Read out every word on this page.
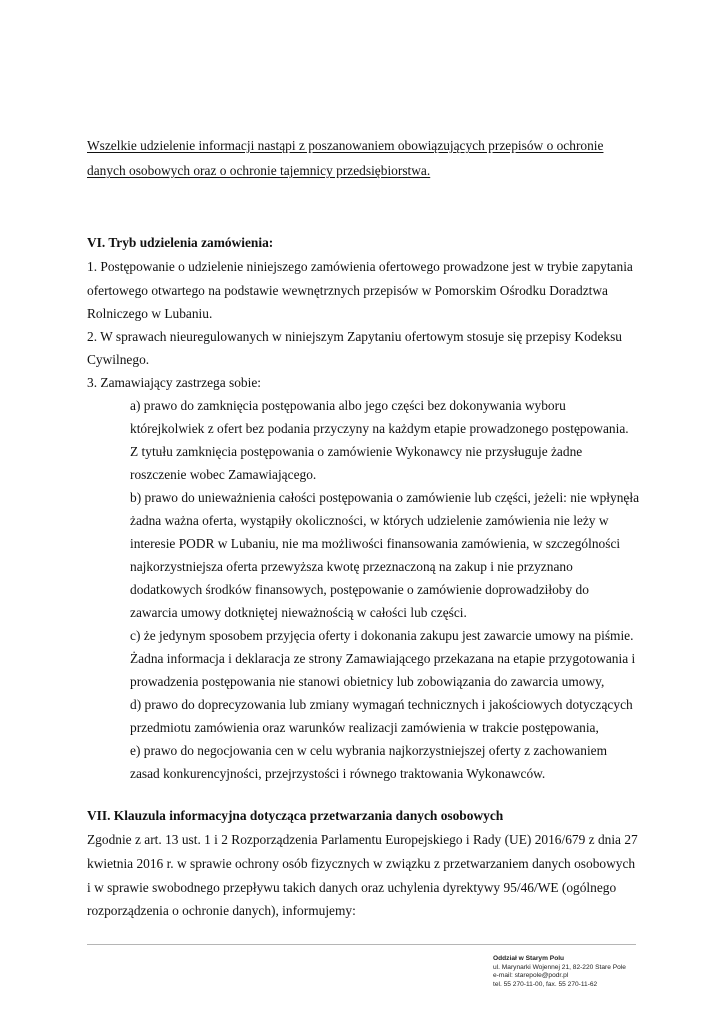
Wszelkie udzielenie informacji nastąpi z poszanowaniem obowiązujących przepisów o ochronie
danych osobowych oraz o ochronie tajemnicy przedsiębiorstwa.
VI. Tryb udzielenia zamówienia:
1. Postępowanie o udzielenie niniejszego zamówienia ofertowego prowadzone jest w trybie zapytania
ofertowego otwartego na podstawie wewnętrznych przepisów w Pomorskim Ośrodku Doradztwa
Rolniczego w Lubaniu.
2. W sprawach nieuregulowanych w niniejszym Zapytaniu ofertowym stosuje się przepisy Kodeksu
Cywilnego.
3. Zamawiający zastrzega sobie:
a) prawo do zamknięcia postępowania albo jego części bez dokonywania wyboru
którejkolwiek z ofert bez podania przyczyny na każdym etapie prowadzonego postępowania.
Z tytułu zamknięcia postępowania o zamówienie Wykonawcy nie przysługuje żadne
roszczenie wobec Zamawiającego.
b) prawo do unieważnienia całości postępowania o zamówienie lub części, jeżeli: nie wpłynęła
żadna ważna oferta, wystąpiły okoliczności, w których udzielenie zamówienia nie leży w
interesie PODR w Lubaniu, nie ma możliwości finansowania zamówienia, w szczególności
najkorzystniejsza oferta przewyższa kwotę przeznaczoną na zakup i nie przyznano
dodatkowych środków finansowych, postępowanie o zamówienie doprowadziłoby do
zawarcia umowy dotkniętej nieważnością w całości lub części.
c) że jedynym sposobem przyjęcia oferty i dokonania zakupu jest zawarcie umowy na piśmie.
Żadna informacja i deklaracja ze strony Zamawiającego przekazana na etapie przygotowania i
prowadzenia postępowania nie stanowi obietnicy lub zobowiązania do zawarcia umowy,
d) prawo do doprecyzowania lub zmiany wymagań technicznych i jakościowych dotyczących
przedmiotu zamówienia oraz warunków realizacji zamówienia w trakcie postępowania,
e) prawo do negocjowania cen w celu wybrania najkorzystniejszej oferty z zachowaniem
zasad konkurencyjności, przejrzystości i równego traktowania Wykonawców.
VII. Klauzula informacyjna dotycząca przetwarzania danych osobowych
Zgodnie z art. 13 ust. 1 i 2 Rozporządzenia Parlamentu Europejskiego i Rady (UE) 2016/679 z dnia 27
kwietnia 2016 r. w sprawie ochrony osób fizycznych w związku z przetwarzaniem danych osobowych
i w sprawie swobodnego przepływu takich danych oraz uchylenia dyrektywy 95/46/WE (ogólnego
rozporządzenia o ochronie danych), informujemy:
Oddział w Starym Polu
ul. Marynarki Wojennej 21, 82-220 Stare Pole
e-mail: starepole@podr.pl
tel. 55 270-11-00, fax. 55 270-11-62
